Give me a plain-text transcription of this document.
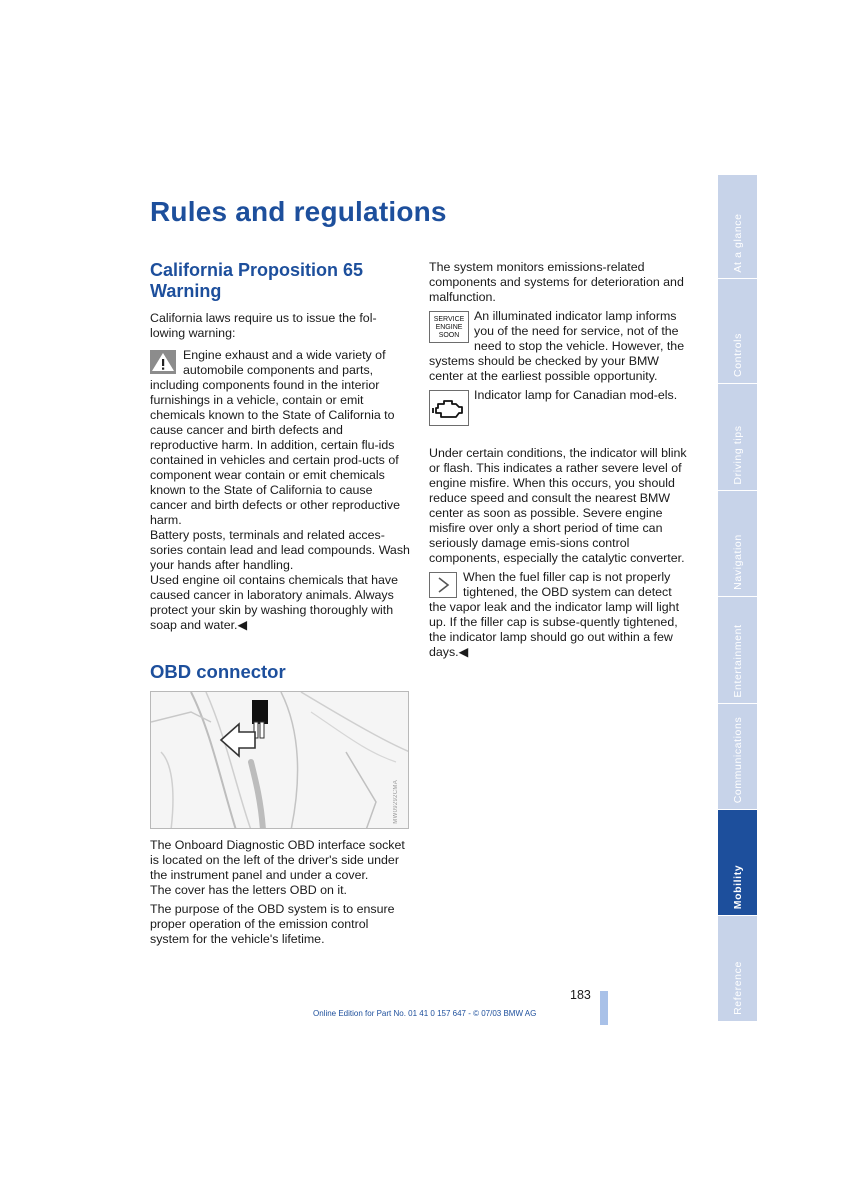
Rules and regulations
California Proposition 65
Warning

California laws require us to issue the fol-lowing warning:

Engine exhaust and a wide variety of automobile components and parts, including components found in the interior furnishings in a vehicle, contain or emit chemicals known to the State of California to cause cancer and birth defects and reproductive harm. In addition, certain flu-ids contained in vehicles and certain prod-ucts of component wear contain or emit chemicals known to the State of California to cause cancer and birth defects or other reproductive harm.

Battery posts, terminals and related acces-sories contain lead and lead compounds. Wash your hands after handling.

Used engine oil contains chemicals that have caused cancer in laboratory animals. Always protect your skin by washing thoroughly with soap and water.◀

OBD connector
MW09292CMA

The Onboard Diagnostic OBD interface socket is located on the left of the driver's side under the instrument panel and under a cover.

The cover has the letters OBD on it.

The purpose of the OBD system is to ensure proper operation of the emission control system for the vehicle's lifetime.

The system monitors emissions-related components and systems for deterioration and malfunction.

SERVICE
ENGINE
SOON

An illuminated indicator lamp informs you of the need for service, not of the need to stop the vehicle. However, the systems should be checked by your BMW center at the earliest possible opportunity.

Indicator lamp for Canadian mod-els.

Under certain conditions, the indicator will blink or flash. This indicates a rather severe level of engine misfire. When this occurs, you should reduce speed and consult the nearest BMW center as soon as possible. Severe engine misfire over only a short period of time can seriously damage emis-sions control components, especially the catalytic converter.

When the fuel filler cap is not properly tightened, the OBD system can detect the vapor leak and the indicator lamp will light up. If the filler cap is subse-quently tightened, the indicator lamp should go out within a few days.◀

At a glance
Controls
Driving tips
Navigation
Entertainment
Communications
Mobility
Reference
183
Online Edition for Part No. 01 41 0 157 647 - © 07/03 BMW AG
